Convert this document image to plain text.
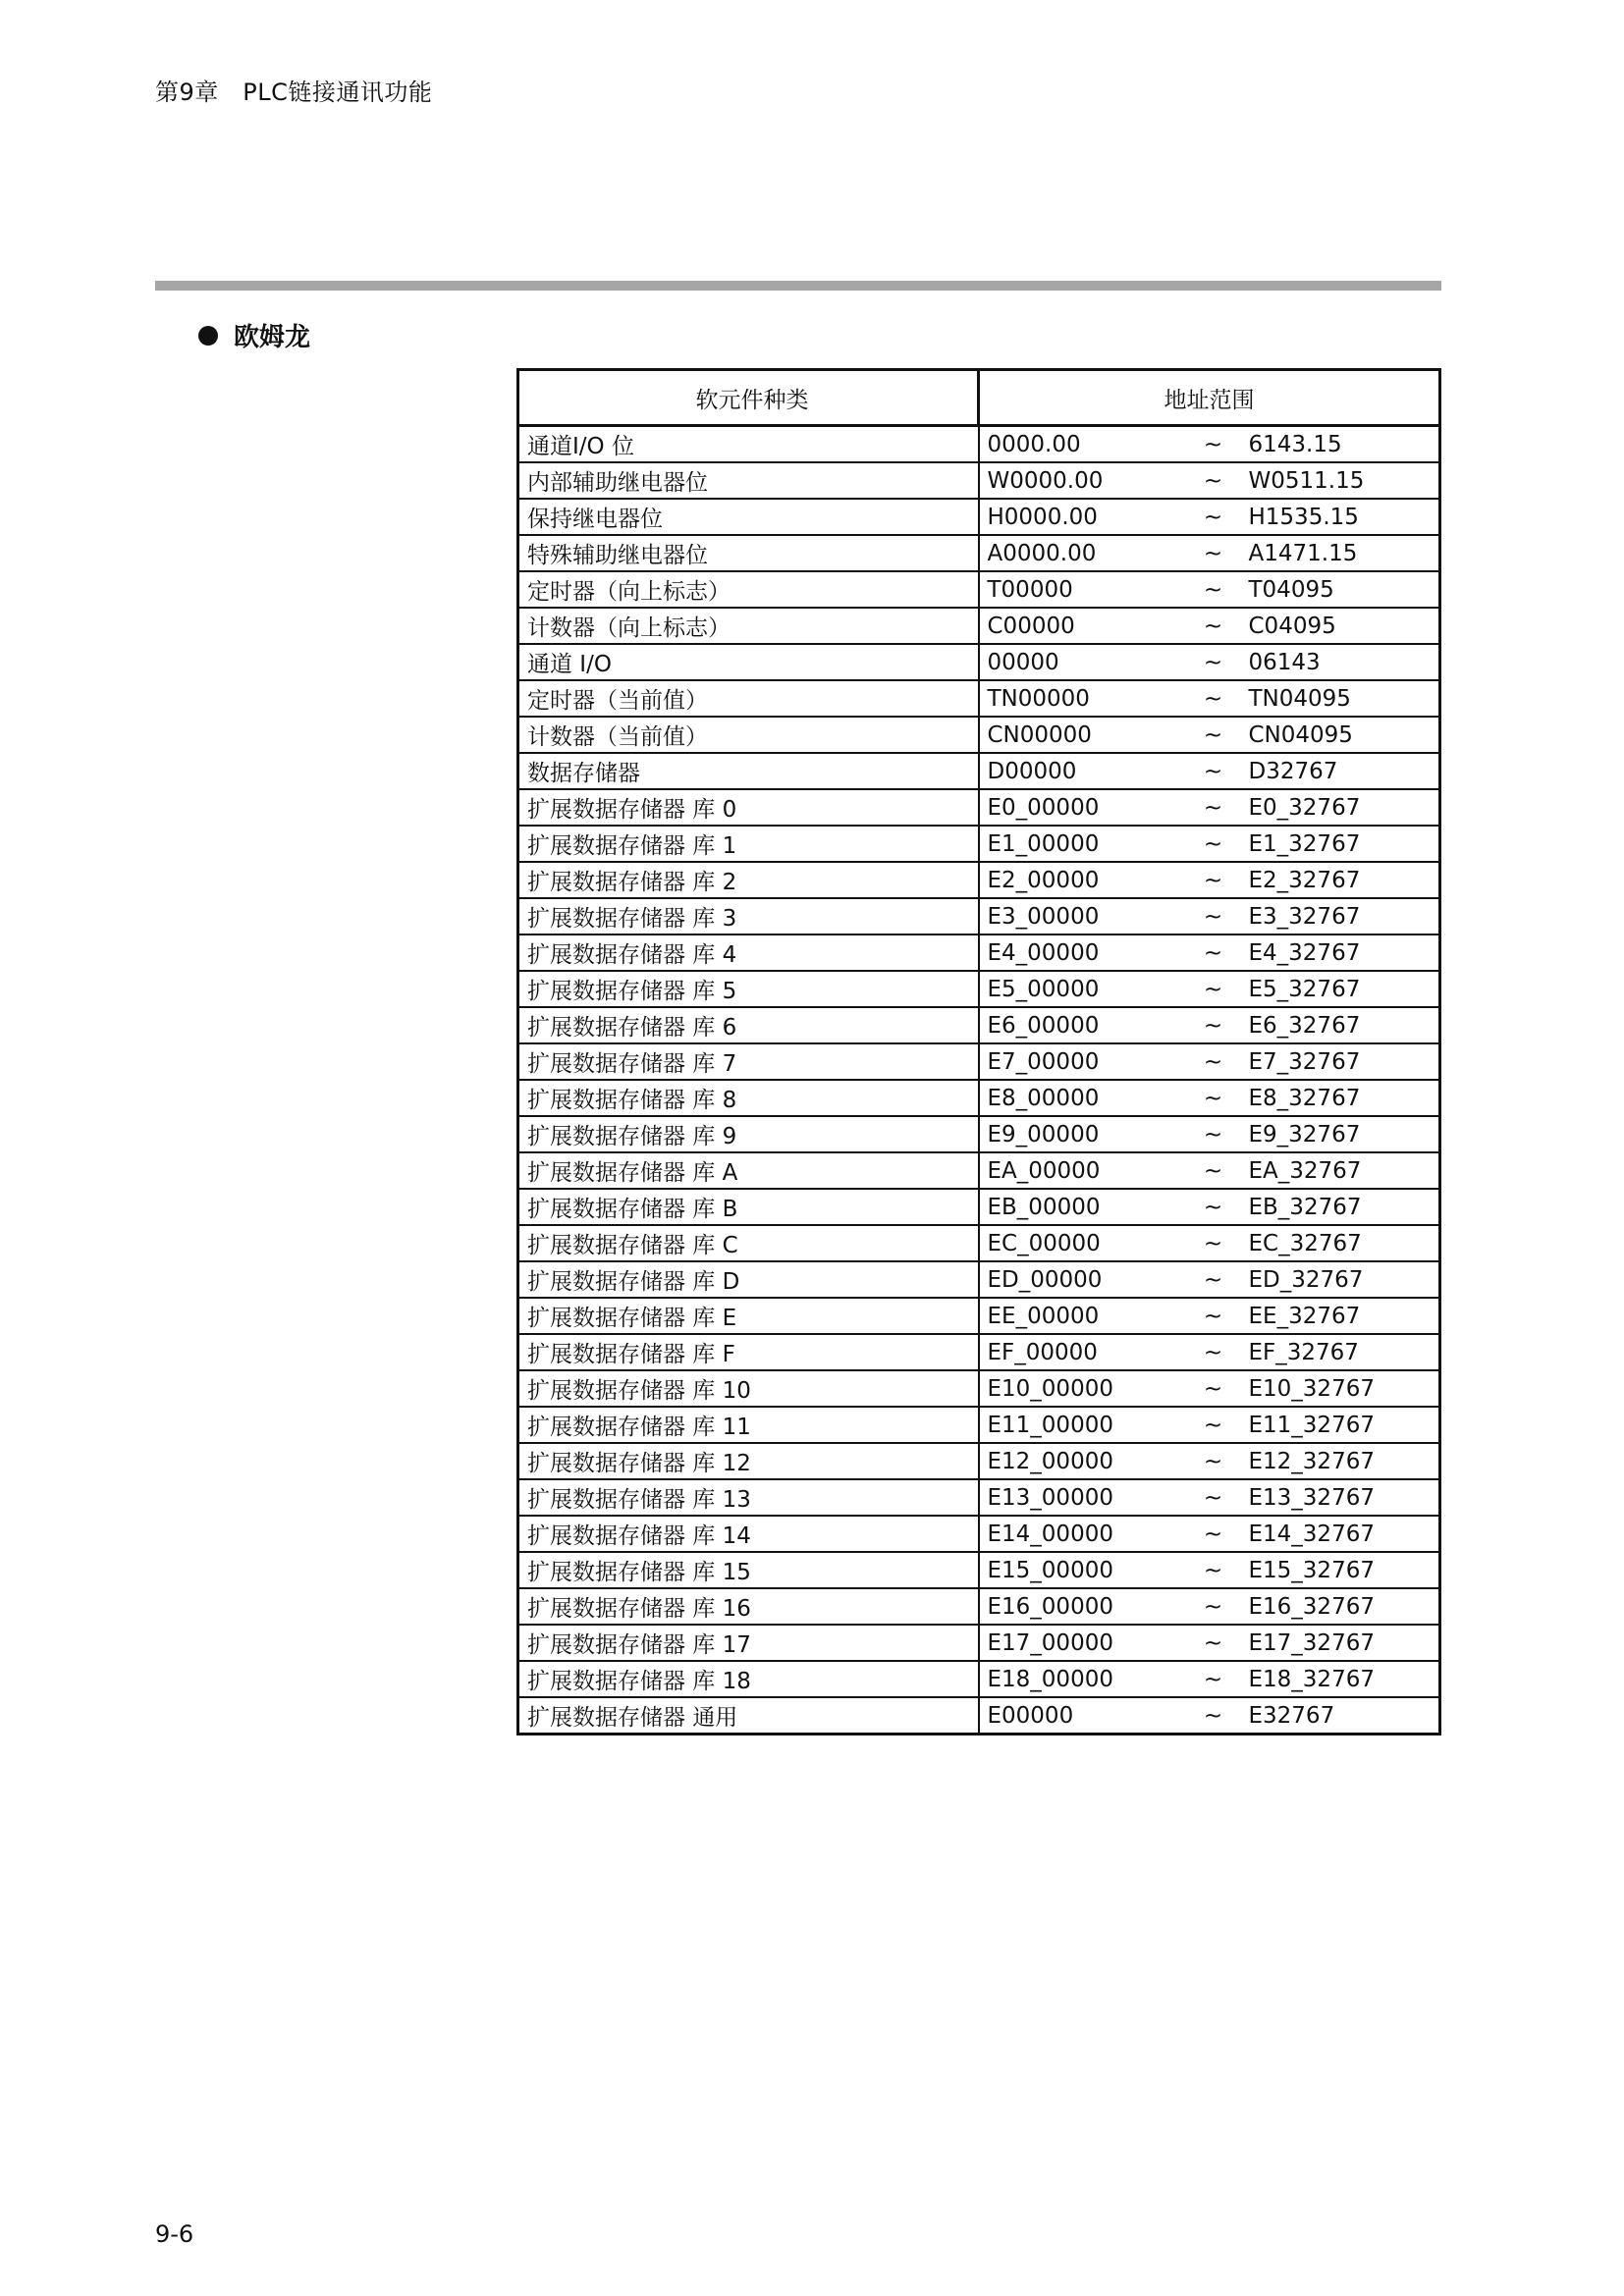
第9章　PLC链接通讯功能
欧姆龙
软元件种类	地址范围
通道I/O 位	0000.00 ~ 6143.15

内部辅助继电器位	W0000.00 ~ W0511.15

保持继电器位	H0000.00 ~ H1535.15

特殊辅助继电器位	A0000.00 ~ A1471.15

定时器（向上标志）	T00000 ~ T04095

计数器（向上标志）	C00000 ~ C04095

通道 I/O	00000 ~ 06143

定时器（当前值）	TN00000 ~ TN04095

计数器（当前值）	CN00000 ~ CN04095

数据存储器	D00000 ~ D32767

扩展数据存储器 库 0	E0_00000 ~ E0_32767

扩展数据存储器 库 1	E1_00000 ~ E1_32767

扩展数据存储器 库 2	E2_00000 ~ E2_32767

扩展数据存储器 库 3	E3_00000 ~ E3_32767

扩展数据存储器 库 4	E4_00000 ~ E4_32767

扩展数据存储器 库 5	E5_00000 ~ E5_32767

扩展数据存储器 库 6	E6_00000 ~ E6_32767

扩展数据存储器 库 7	E7_00000 ~ E7_32767

扩展数据存储器 库 8	E8_00000 ~ E8_32767

扩展数据存储器 库 9	E9_00000 ~ E9_32767

扩展数据存储器 库 A	EA_00000 ~ EA_32767

扩展数据存储器 库 B	EB_00000 ~ EB_32767

扩展数据存储器 库 C	EC_00000 ~ EC_32767

扩展数据存储器 库 D	ED_00000 ~ ED_32767

扩展数据存储器 库 E	EE_00000 ~ EE_32767

扩展数据存储器 库 F	EF_00000 ~ EF_32767

扩展数据存储器 库 10	E10_00000 ~ E10_32767

扩展数据存储器 库 11	E11_00000 ~ E11_32767

扩展数据存储器 库 12	E12_00000 ~ E12_32767

扩展数据存储器 库 13	E13_00000 ~ E13_32767

扩展数据存储器 库 14	E14_00000 ~ E14_32767

扩展数据存储器 库 15	E15_00000 ~ E15_32767

扩展数据存储器 库 16	E16_00000 ~ E16_32767

扩展数据存储器 库 17	E17_00000 ~ E17_32767

扩展数据存储器 库 18	E18_00000 ~ E18_32767

扩展数据存储器 通用	E00000 ~ E32767
9-6
